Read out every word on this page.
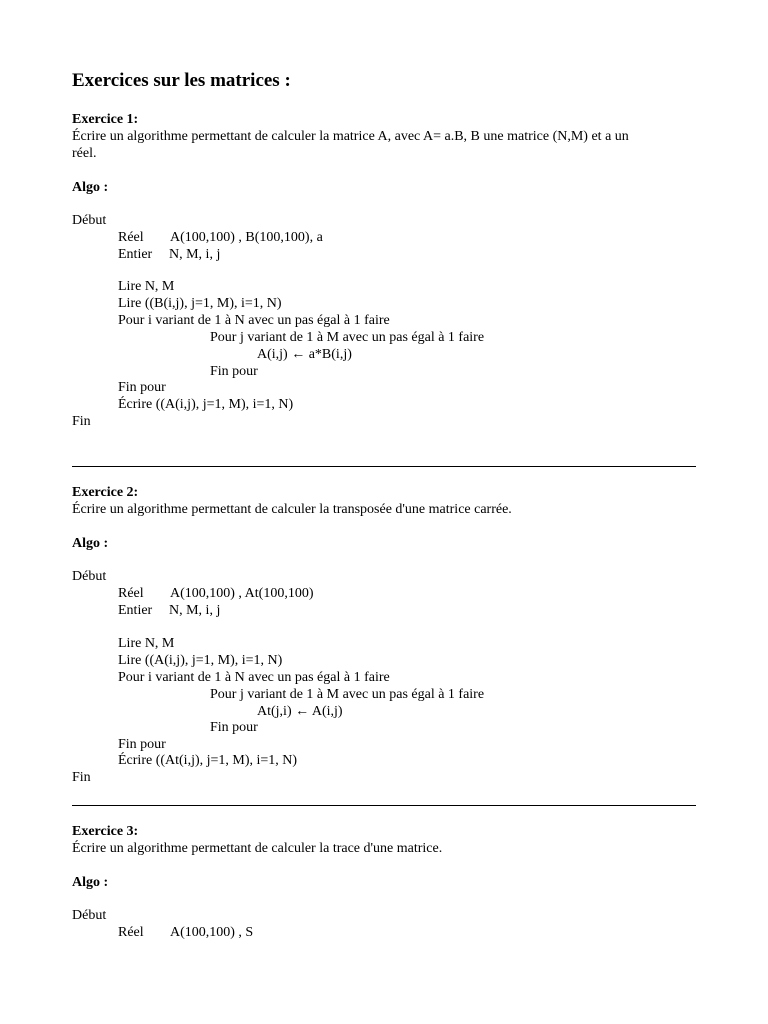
Exercices sur les matrices :
Exercice 1:
Écrire un algorithme permettant de calculer la matrice A, avec A= a.B, B une matrice (N,M) et a un
réel.
Algo :
Début
Réel A(100,100) , B(100,100), a
Entier N, M, i, j
Lire N, M
Lire ((B(i,j), j=1, M), i=1, N)
Pour i variant de 1 à N avec un pas égal à 1 faire
Pour j variant de 1 à M avec un pas égal à 1 faire
A(i,j) ← a*B(i,j)
Fin pour
Fin pour
Écrire ((A(i,j), j=1, M), i=1, N)
Fin
Exercice 2:
Écrire un algorithme permettant de calculer la transposée d'une matrice carrée.
Algo :
Début
Réel A(100,100) , At(100,100)
Entier N, M, i, j
Lire N, M
Lire ((A(i,j), j=1, M), i=1, N)
Pour i variant de 1 à N avec un pas égal à 1 faire
Pour j variant de 1 à M avec un pas égal à 1 faire
At(j,i) ← A(i,j)
Fin pour
Fin pour
Écrire ((At(i,j), j=1, M), i=1, N)
Fin
Exercice 3:
Écrire un algorithme permettant de calculer la trace d'une matrice.
Algo :
Début
Réel A(100,100) , S
